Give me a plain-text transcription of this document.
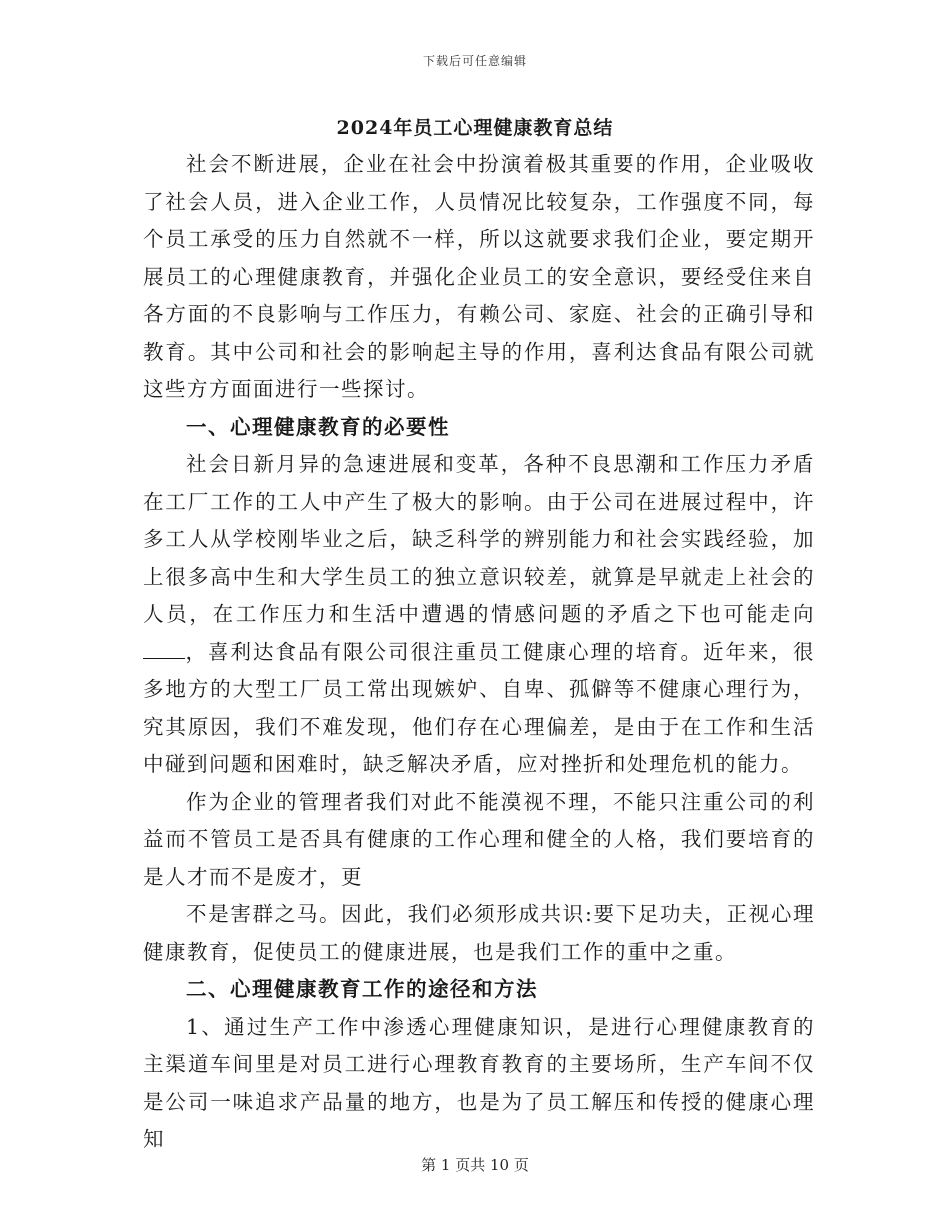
下载后可任意编辑
2024年员工心理健康教育总结

社会不断进展，企业在社会中扮演着极其重要的作用，企业吸收了社会人员，进入企业工作，人员情况比较复杂，工作强度不同，每个员工承受的压力自然就不一样，所以这就要求我们企业，要定期开展员工的心理健康教育，并强化企业员工的安全意识，要经受住来自各方面的不良影响与工作压力，有赖公司、家庭、社会的正确引导和教育。其中公司和社会的影响起主导的作用，喜利达食品有限公司就这些方方面面进行一些探讨。

一、心理健康教育的必要性

社会日新月异的急速进展和变革，各种不良思潮和工作压力矛盾在工厂工作的工人中产生了极大的影响。由于公司在进展过程中，许多工人从学校刚毕业之后，缺乏科学的辨别能力和社会实践经验，加上很多高中生和大学生员工的独立意识较差，就算是早就走上社会的人员，在工作压力和生活中遭遇的情感问题的矛盾之下也可能走向，喜利达食品有限公司很注重员工健康心理的培育。近年来，很多地方的大型工厂员工常出现嫉妒、自卑、孤僻等不健康心理行为，究其原因，我们不难发现，他们存在心理偏差，是由于在工作和生活中碰到问题和困难时，缺乏解决矛盾，应对挫折和处理危机的能力。

作为企业的管理者我们对此不能漠视不理，不能只注重公司的利益而不管员工是否具有健康的工作心理和健全的人格，我们要培育的是人才而不是废才，更

不是害群之马。因此，我们必须形成共识:要下足功夫，正视心理健康教育，促使员工的健康进展，也是我们工作的重中之重。

二、心理健康教育工作的途径和方法

1、通过生产工作中渗透心理健康知识，是进行心理健康教育的主渠道车间里是对员工进行心理教育教育的主要场所，生产车间不仅是公司一味追求产品量的地方，也是为了员工解压和传授的健康心理知

第 1 页共 10 页
